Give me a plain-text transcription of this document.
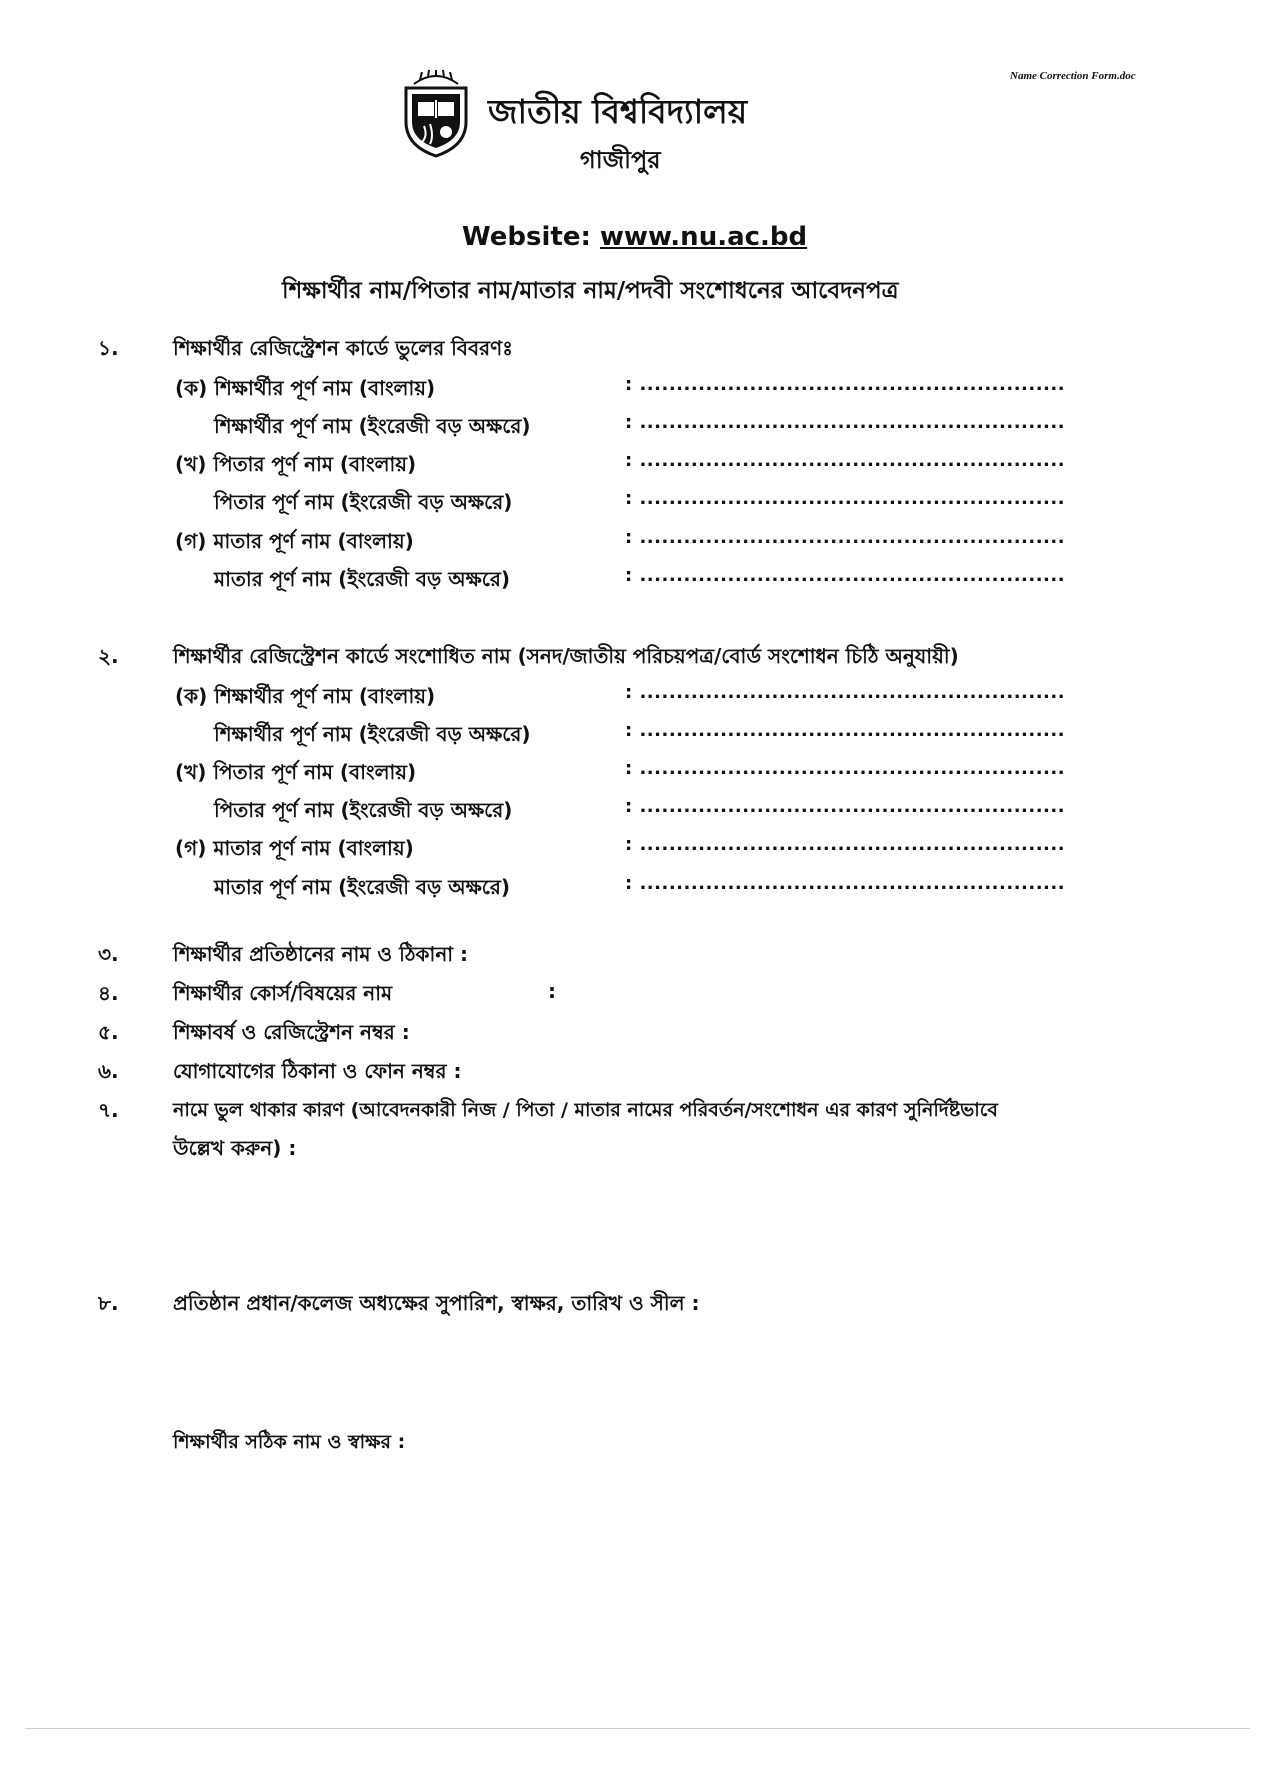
Name Correction Form.doc
জাতীয় বিশ্ববিদ্যালয়
গাজীপুর
Website: www.nu.ac.bd
শিক্ষার্থীর নাম/পিতার নাম/মাতার নাম/পদবী সংশোধনের আবেদনপত্র
১.	শিক্ষার্থীর রেজিস্ট্রেশন কার্ডে ভুলের বিবরণঃ
(ক) শিক্ষার্থীর পূর্ণ নাম (বাংলায়)	: ..........................................................
শিক্ষার্থীর পূর্ণ নাম (ইংরেজী বড় অক্ষরে)	: ..........................................................
(খ) পিতার পূর্ণ নাম (বাংলায়)	: ..........................................................
পিতার পূর্ণ নাম (ইংরেজী বড় অক্ষরে)	: ..........................................................
(গ) মাতার পূর্ণ নাম (বাংলায়)	: ..........................................................
মাতার পূর্ণ নাম (ইংরেজী বড় অক্ষরে)	: ..........................................................
২.	শিক্ষার্থীর রেজিস্ট্রেশন কার্ডে সংশোধিত নাম (সনদ/জাতীয় পরিচয়পত্র/বোর্ড সংশোধন চিঠি অনুযায়ী)
(ক) শিক্ষার্থীর পূর্ণ নাম (বাংলায়)	: ..........................................................
শিক্ষার্থীর পূর্ণ নাম (ইংরেজী বড় অক্ষরে)	: ..........................................................
(খ) পিতার পূর্ণ নাম (বাংলায়)	: ..........................................................
পিতার পূর্ণ নাম (ইংরেজী বড় অক্ষরে)	: ..........................................................
(গ) মাতার পূর্ণ নাম (বাংলায়)	: ..........................................................
মাতার পূর্ণ নাম (ইংরেজী বড় অক্ষরে)	: ..........................................................
৩.	শিক্ষার্থীর প্রতিষ্ঠানের নাম ও ঠিকানা :
৪.	শিক্ষার্থীর কোর্স/বিষয়ের নাম	:
৫.	শিক্ষাবর্ষ ও রেজিস্ট্রেশন নম্বর :
৬.	যোগাযোগের ঠিকানা ও ফোন নম্বর :
৭.	নামে ভুল থাকার কারণ (আবেদনকারী নিজ / পিতা / মাতার নামের পরিবর্তন/সংশোধন এর কারণ সুনির্দিষ্টভাবে
উল্লেখ করুন) :
৮.	প্রতিষ্ঠান প্রধান/কলেজ অধ্যক্ষের সুপারিশ, স্বাক্ষর, তারিখ ও সীল :
শিক্ষার্থীর সঠিক নাম ও স্বাক্ষর :
